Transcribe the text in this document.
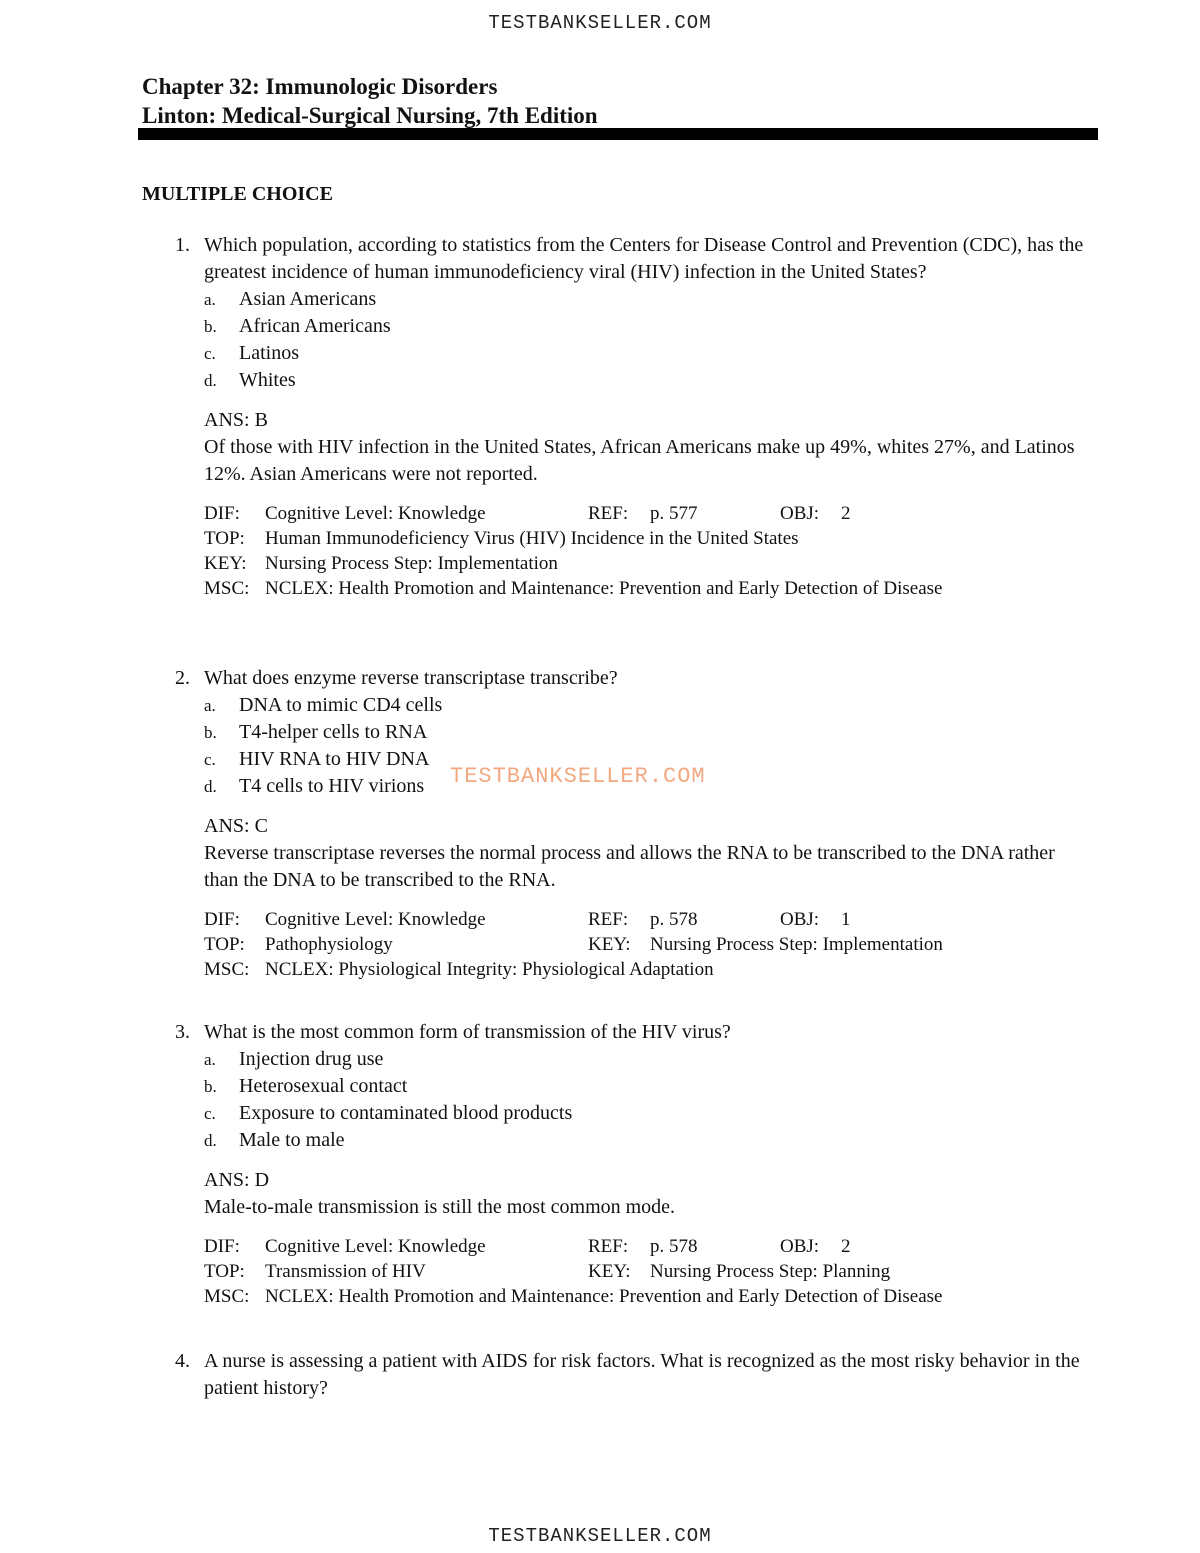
TESTBANKSELLER.COM
Chapter 32: Immunologic Disorders
Linton: Medical-Surgical Nursing, 7th Edition
MULTIPLE CHOICE
1. Which population, according to statistics from the Centers for Disease Control and Prevention (CDC), has the greatest incidence of human immunodeficiency viral (HIV) infection in the United States?
a.	Asian Americans
b.	African Americans
c.	Latinos
d.	Whites
ANS: B
Of those with HIV infection in the United States, African Americans make up 49%, whites 27%, and Latinos 12%. Asian Americans were not reported.
DIF: Cognitive Level: Knowledge	REF: p. 577	OBJ: 2
TOP: Human Immunodeficiency Virus (HIV) Incidence in the United States
KEY: Nursing Process Step: Implementation
MSC: NCLEX: Health Promotion and Maintenance: Prevention and Early Detection of Disease
2. What does enzyme reverse transcriptase transcribe?
a.	DNA to mimic CD4 cells
b.	T4-helper cells to RNA
c.	HIV RNA to HIV DNA
d.	T4 cells to HIV virions
ANS: C
Reverse transcriptase reverses the normal process and allows the RNA to be transcribed to the DNA rather than the DNA to be transcribed to the RNA.
DIF: Cognitive Level: Knowledge	REF: p. 578	OBJ: 1
TOP: Pathophysiology	KEY: Nursing Process Step: Implementation
MSC: NCLEX: Physiological Integrity: Physiological Adaptation
3. What is the most common form of transmission of the HIV virus?
a.	Injection drug use
b.	Heterosexual contact
c.	Exposure to contaminated blood products
d.	Male to male
ANS: D
Male-to-male transmission is still the most common mode.
DIF: Cognitive Level: Knowledge	REF: p. 578	OBJ: 2
TOP: Transmission of HIV	KEY: Nursing Process Step: Planning
MSC: NCLEX: Health Promotion and Maintenance: Prevention and Early Detection of Disease
4. A nurse is assessing a patient with AIDS for risk factors. What is recognized as the most risky behavior in the patient history?
TESTBANKSELLER.COM
TESTBANKSELLER.COM
